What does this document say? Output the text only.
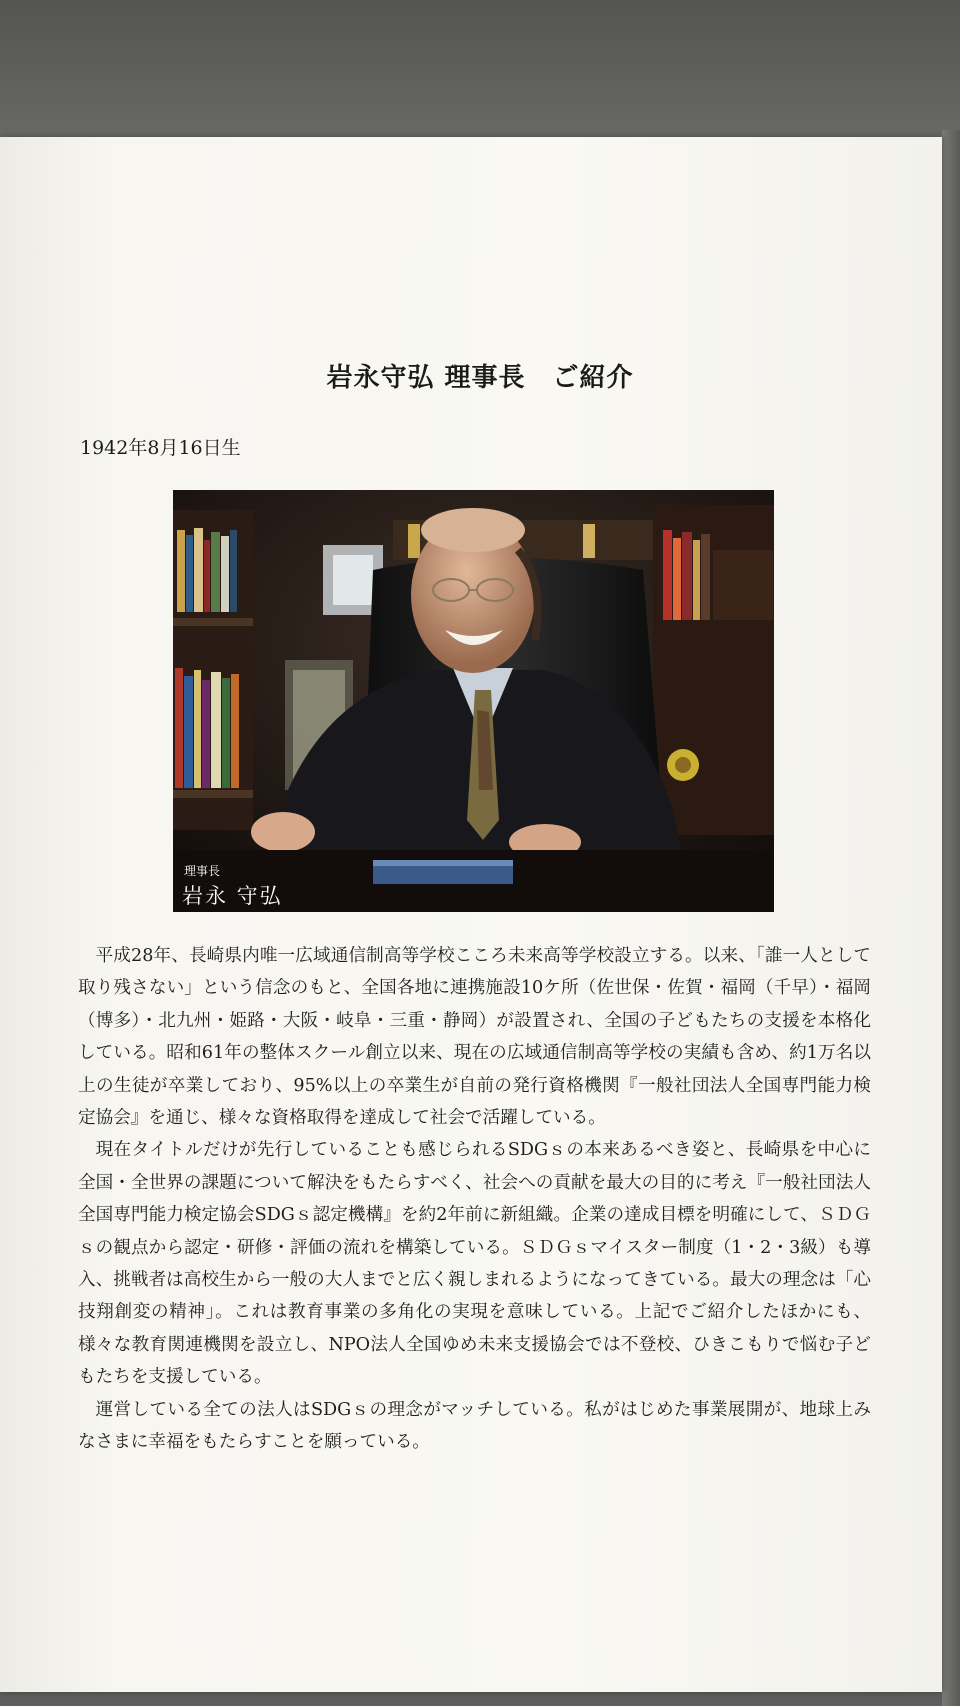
岩永守弘 理事長　ご紹介

1942年8月16日生

理事長

岩永 守弘

平成28年、長崎県内唯一広域通信制高等学校こころ未来高等学校設立する。以来、「誰一人として取り残さない」という信念のもと、全国各地に連携施設10ケ所（佐世保・佐賀・福岡（千早）・福岡（博多）・北九州・姫路・大阪・岐阜・三重・静岡）が設置され、全国の子どもたちの支援を本格化している。昭和61年の整体スクール創立以来、現在の広域通信制高等学校の実績も含め、約1万名以上の生徒が卒業しており、95%以上の卒業生が自前の発行資格機関『一般社団法人全国専門能力検定協会』を通じ、様々な資格取得を達成して社会で活躍している。

現在タイトルだけが先行していることも感じられるSDGｓの本来あるべき姿と、長崎県を中心に全国・全世界の課題について解決をもたらすべく、社会への貢献を最大の目的に考え『一般社団法人全国専門能力検定協会SDGｓ認定機構』を約2年前に新組織。企業の達成目標を明確にして、ＳＤＧｓの観点から認定・研修・評価の流れを構築している。ＳＤＧｓマイスター制度（1・2・3級）も導入、挑戦者は高校生から一般の大人までと広く親しまれるようになってきている。最大の理念は「心技翔創変の精神」。これは教育事業の多角化の実現を意味している。上記でご紹介したほかにも、様々な教育関連機関を設立し、NPO法人全国ゆめ未来支援協会では不登校、ひきこもりで悩む子どもたちを支援している。

運営している全ての法人はSDGｓの理念がマッチしている。私がはじめた事業展開が、地球上みなさまに幸福をもたらすことを願っている。
